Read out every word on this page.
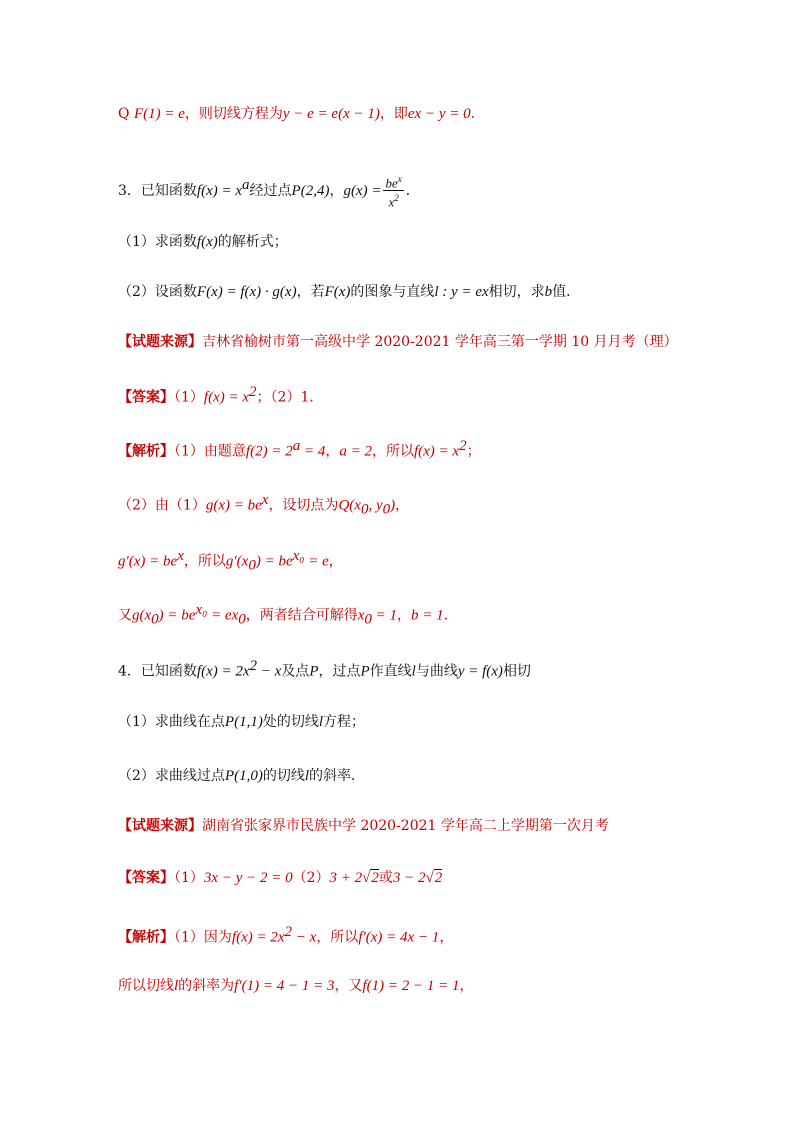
Q F(1) = e，则切线方程为y − e = e(x − 1)，即ex − y = 0．
3．已知函数$f(x) = x^a$经过点P(2,4)，$g(x) = \frac{be^x}{x^2}$ ．
（1）求函数f(x)的解析式；
（2）设函数F(x) = f(x) · g(x)，若F(x)的图象与直线l : y = ex相切，求b值．
【试题来源】吉林省榆树市第一高级中学 2020-2021 学年高三第一学期 10 月月考（理）
【答案】$(1)f(x) = x^2$；（2）1．
【解析】（1）由题意$f(2) = 2^a = 4$，a = 2，所以$f(x) = x^2$；
（2）由$(1)g(x) = be^x$，设切点为$Q(x_0$, $y_0$)，
$g'(x) = be^x$，所以$g'(x_0) = be^{x_0} = e$，
又$g(x_0) = be^{x_0} = ex_0$，两者结合可解得$x_0 = 1$，b = 1．
4．已知函数$f(x) = 2x^2 - x$及点P，过点P作直线l与曲线y = f(x)相切
（1）求曲线在点P(1,1)处的切线l方程；
（2）求曲线过点P(1,0)的切线l的斜率．
【试题来源】湖南省张家界市民族中学 2020-2021 学年高二上学期第一次月考
【答案】（1）3x − y − 2 = 0（2）3 + 2√2或3 − 2√2
【解析】（1）因为$f(x) = 2x^2 - x$，所以f′(x) = 4x − 1，
所以切线l的斜率为f′(1) = 4 − 1 = 3，又f(1) = 2 − 1 = 1，
